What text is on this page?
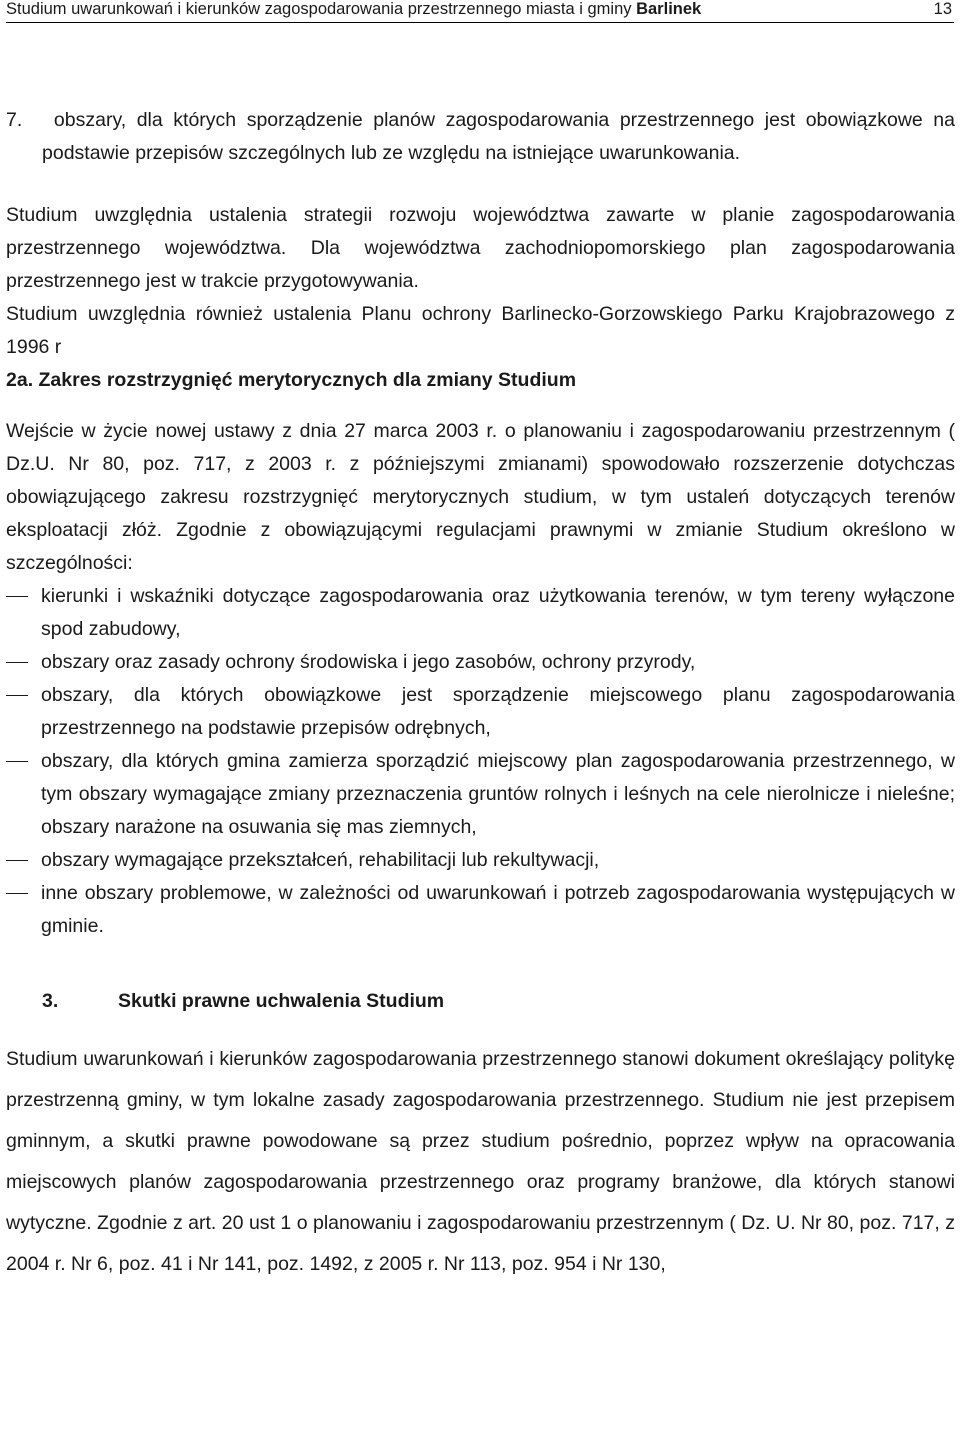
Studium uwarunkowań i kierunków zagospodarowania przestrzennego miasta i gminy Barlinek	13

7.   obszary, dla których sporządzenie planów zagospodarowania przestrzennego jest obowiązkowe na podstawie przepisów szczególnych lub ze względu na istniejące uwarunkowania.

Studium uwzględnia ustalenia strategii rozwoju województwa zawarte w planie zagospodarowania przestrzennego województwa. Dla województwa zachodniopomorskiego plan zagospodarowania przestrzennego jest w trakcie przygotowywania.

Studium uwzględnia również ustalenia Planu ochrony Barlinecko-Gorzowskiego Parku Krajobrazowego z 1996 r

2a. Zakres rozstrzygnięć merytorycznych dla zmiany Studium

Wejście w życie nowej ustawy z dnia 27 marca 2003 r. o planowaniu i zagospodarowaniu przestrzennym ( Dz.U. Nr 80, poz. 717, z 2003 r. z późniejszymi zmianami) spowodowało rozszerzenie dotychczas obowiązującego zakresu rozstrzygnięć merytorycznych studium, w tym ustaleń dotyczących terenów eksploatacji złóż. Zgodnie z obowiązującymi regulacjami prawnymi w zmianie Studium określono w szczególności:

kierunki i wskaźniki dotyczące zagospodarowania oraz użytkowania terenów, w tym tereny wyłączone spod zabudowy,
obszary oraz zasady ochrony środowiska i jego zasobów, ochrony przyrody,
obszary, dla których obowiązkowe jest sporządzenie miejscowego planu zagospodarowania przestrzennego na podstawie przepisów odrębnych,
obszary, dla których gmina zamierza sporządzić miejscowy plan zagospodarowania przestrzennego, w tym obszary wymagające zmiany przeznaczenia gruntów rolnych i leśnych na cele nierolnicze i nieleśne; obszary narażone na osuwania się mas ziemnych,
obszary wymagające przekształceń, rehabilitacji lub rekultywacji,
inne obszary problemowe, w zależności od uwarunkowań i potrzeb zagospodarowania występujących w gminie.

3.	Skutki prawne uchwalenia Studium

Studium uwarunkowań i kierunków zagospodarowania przestrzennego stanowi dokument określający politykę przestrzenną gminy, w tym lokalne zasady zagospodarowania przestrzennego. Studium nie jest przepisem gminnym, a skutki prawne powodowane są przez studium pośrednio, poprzez wpływ na opracowania miejscowych planów zagospodarowania przestrzennego oraz programy branżowe, dla których stanowi wytyczne. Zgodnie z art. 20 ust 1 o planowaniu i zagospodarowaniu przestrzennym ( Dz. U. Nr 80, poz. 717, z 2004 r. Nr 6, poz. 41 i Nr 141, poz. 1492, z 2005 r. Nr 113, poz. 954 i Nr 130,
